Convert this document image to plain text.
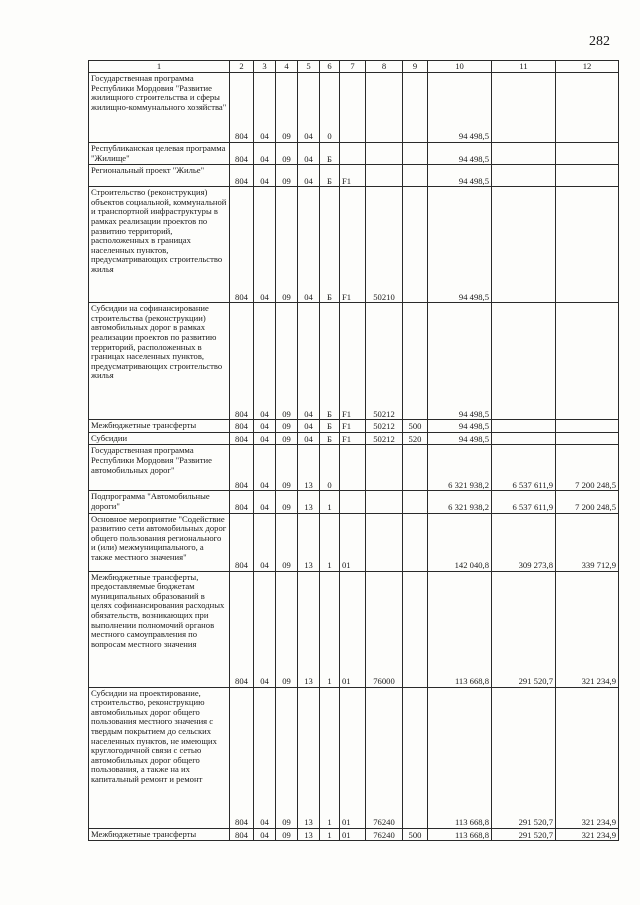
282
1	2	3	4	5	6	7	8	9	10	11	12
Государственная программа Республики Мордовия "Развитие жилищного строительства и сферы жилищно-коммунального хозяйства"	804	04	09	04	0				94 498,5		
Республиканская целевая программа "Жилище"	804	04	09	04	Б				94 498,5		
Региональный проект "Жилье"	804	04	09	04	Б	F1			94 498,5		
Строительство (реконструкция) объектов социальной, коммунальной и транспортной инфраструктуры в рамках реализации проектов по развитию территорий, расположенных в границах населенных пунктов, предусматривающих строительство жилья	804	04	09	04	Б	F1	50210		94 498,5		
Субсидии на софинансирование строительства (реконструкции) автомобильных дорог в рамках реализации проектов по развитию территорий, расположенных в границах населенных пунктов, предусматривающих строительство жилья	804	04	09	04	Б	F1	50212		94 498,5		
Межбюджетные трансферты	804	04	09	04	Б	F1	50212	500	94 498,5		
Субсидии	804	04	09	04	Б	F1	50212	520	94 498,5		
Государственная программа Республики Мордовия "Развитие автомобильных дорог"	804	04	09	13	0				6 321 938,2	6 537 611,9	7 200 248,5
Подпрограмма "Автомобильные дороги"	804	04	09	13	1				6 321 938,2	6 537 611,9	7 200 248,5
Основное мероприятие "Содействие развитию сети автомобильных дорог общего пользования регионального и (или) межмуниципального, а также местного значения"	804	04	09	13	1	01			142 040,8	309 273,8	339 712,9
Межбюджетные трансферты, предоставляемые бюджетам муниципальных образований в целях софинансирования расходных обязательств, возникающих при выполнении полномочий органов местного самоуправления по вопросам местного значения	804	04	09	13	1	01	76000		113 668,8	291 520,7	321 234,9
Субсидии на проектирование, строительство, реконструкцию автомобильных дорог общего пользования местного значения с твердым покрытием до сельских населенных пунктов, не имеющих круглогодичной связи с сетью автомобильных дорог общего пользования, а также на их капитальный ремонт и ремонт	804	04	09	13	1	01	76240		113 668,8	291 520,7	321 234,9
Межбюджетные трансферты	804	04	09	13	1	01	76240	500	113 668,8	291 520,7	321 234,9
